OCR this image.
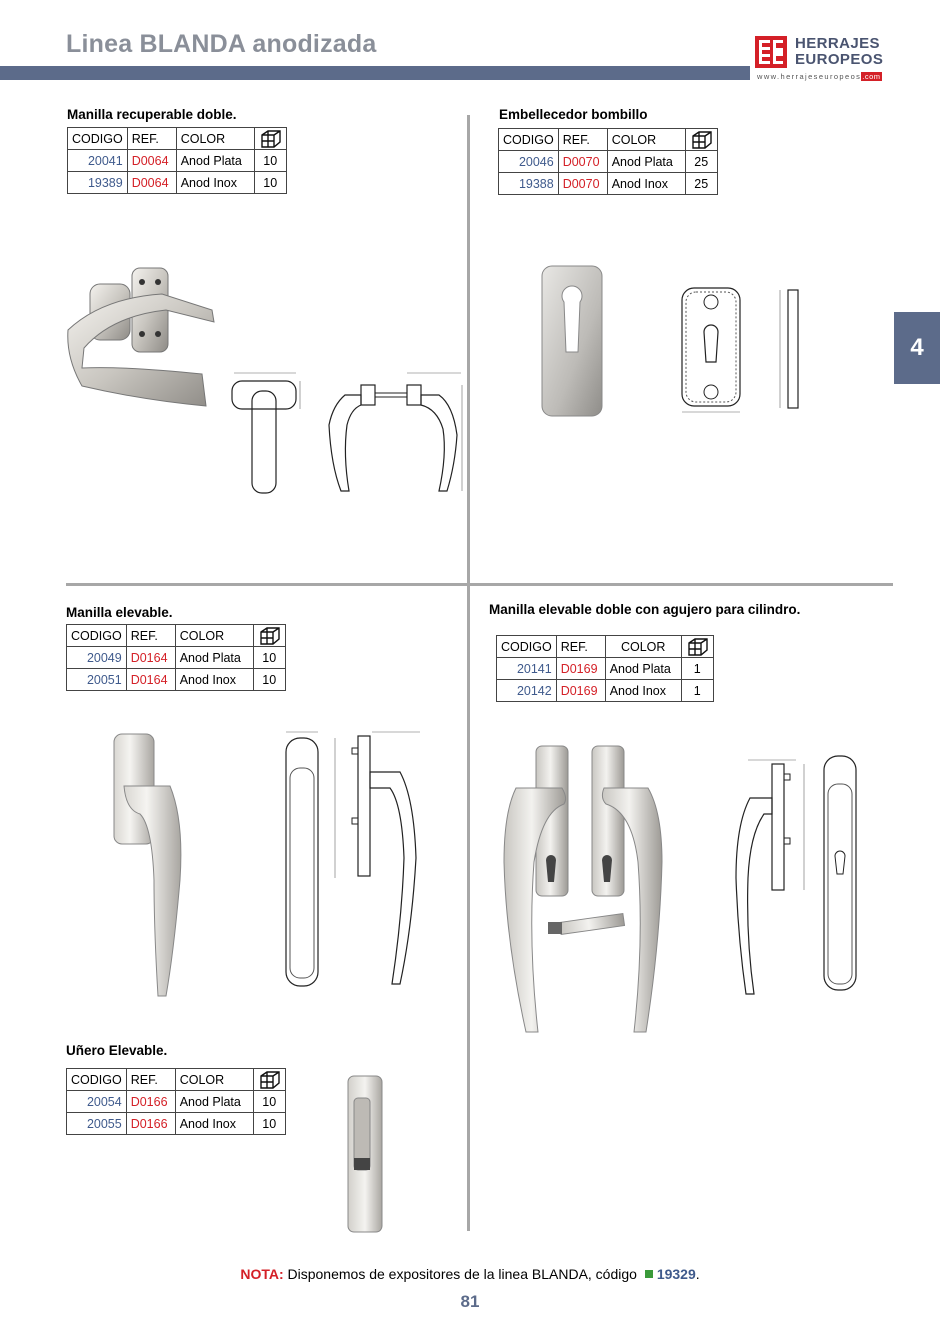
Linea BLANDA anodizada	HERRAJES
EUROPEOS
www.herrajeseuropeos.com
4
Manilla recuperable doble.
CODIGO	REF.	COLOR	

20041	D0064	Anod Plata	10
19389	D0064	Anod Inox	10
Embellecedor bombillo
CODIGO	REF.	COLOR	

20046	D0070	Anod Plata	25
19388	D0070	Anod Inox	25
Manilla elevable.
CODIGO	REF.	COLOR	

20049	D0164	Anod Plata	10
20051	D0164	Anod Inox	10
Manilla elevable doble con agujero para cilindro.
CODIGO	REF.	COLOR	

20141	D0169	Anod Plata	1
20142	D0169	Anod Inox	1
Uñero Elevable.
CODIGO	REF.	COLOR	

20054	D0166	Anod Plata	10
20055	D0166	Anod Inox	10
NOTA: Disponemos de expositores de la linea BLANDA, código 19329.
81
